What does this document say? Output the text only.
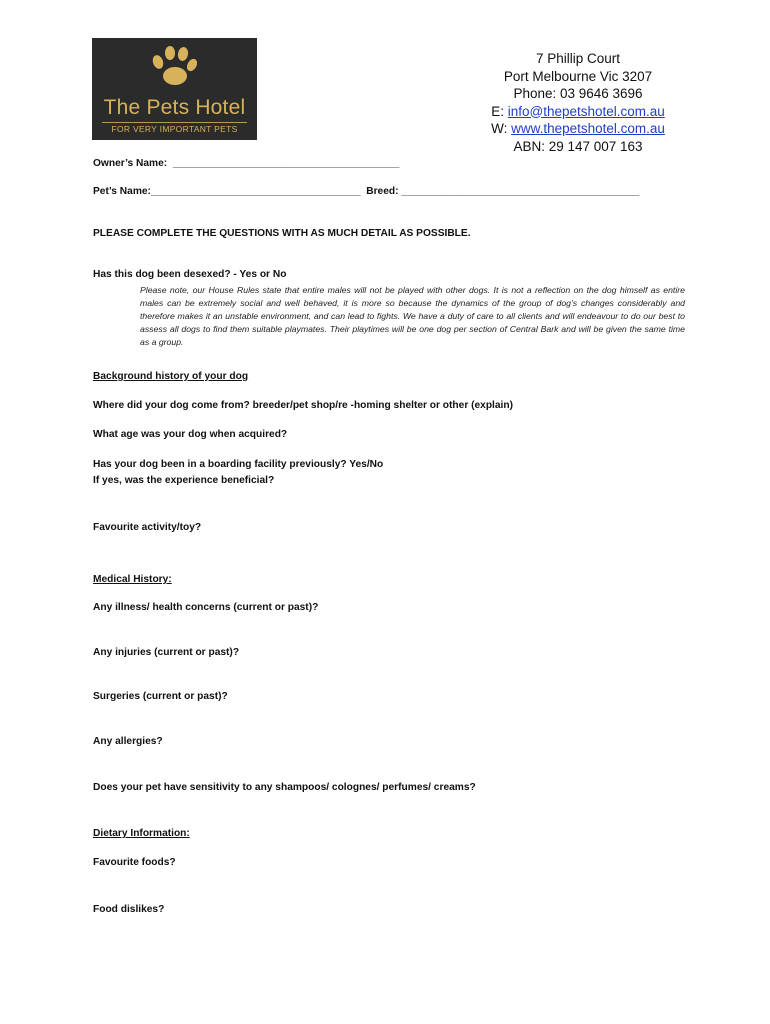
The Pets Hotel
FOR VERY IMPORTANT PETS
7 Phillip Court
Port Melbourne Vic 3207
Phone: 03 9646 3696
E: info@thepetshotel.com.au
W: www.thepetshotel.com.au
ABN: 29 147 007 163
Owner’s Name:  ________________________________________
Pet’s Name:_____________________________________  Breed: __________________________________________
PLEASE COMPLETE THE QUESTIONS WITH AS MUCH DETAIL AS POSSIBLE.
Has this dog been desexed? - Yes or No
Please note, our House Rules state that entire males will not be played with other dogs. It is not a reflection on the dog himself as entire males can be extremely social and well behaved, it is more so because the dynamics of the group of dog’s changes considerably and therefore makes it an unstable environment, and can lead to fights. We have a duty of care to all clients and will endeavour to do our best to assess all dogs to find them suitable playmates. Their playtimes will be one dog per section of Central Bark and will be given the same time as a group.
Background history of your dog
Where did your dog come from? breeder/pet shop/re -homing shelter or other (explain)
What age was your dog when acquired?
Has your dog been in a boarding facility previously? Yes/No
If yes, was the experience beneficial?
Favourite activity/toy?
Medical History:
Any illness/ health concerns (current or past)?
Any injuries (current or past)?
Surgeries (current or past)?
Any allergies?
Does your pet have sensitivity to any shampoos/ colognes/ perfumes/ creams?
Dietary Information:
Favourite foods?
Food dislikes?
